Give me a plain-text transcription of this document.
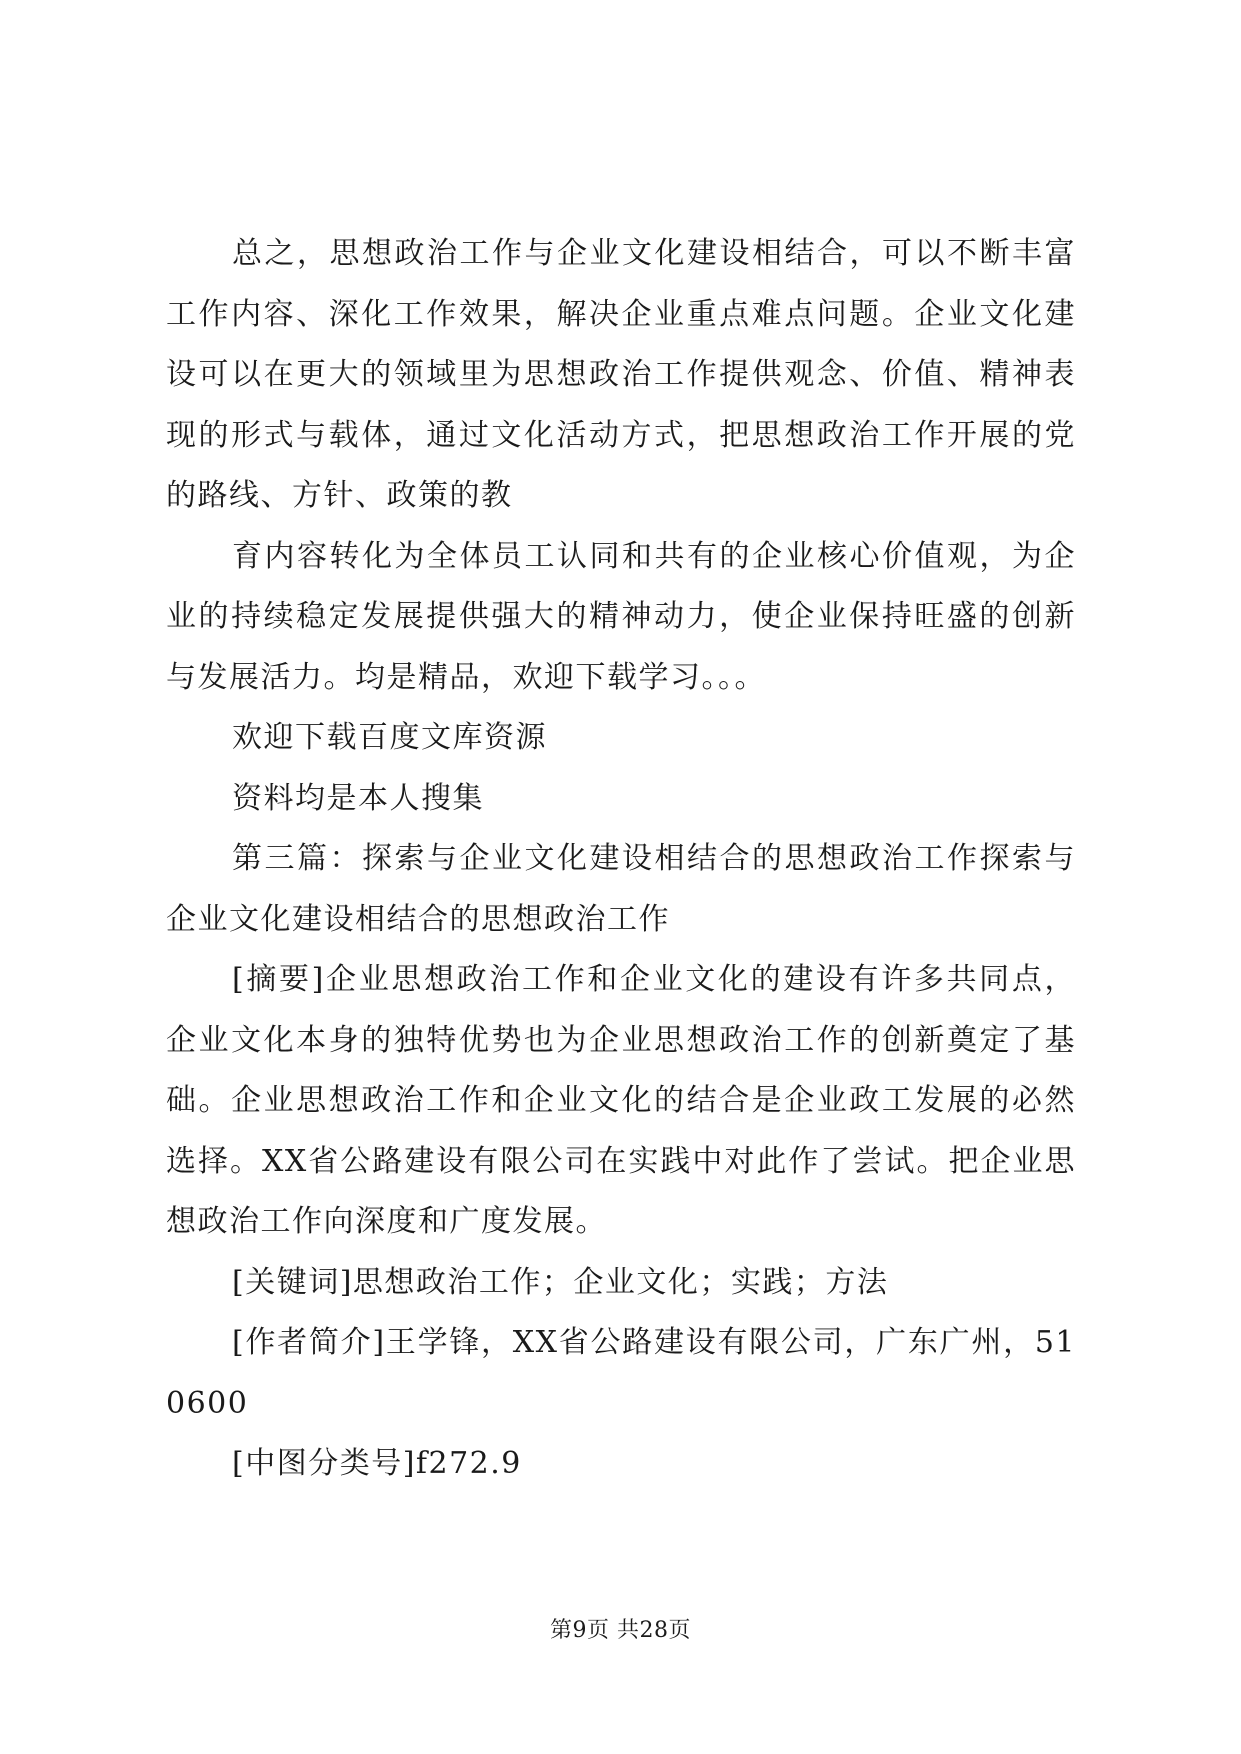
总之，思想政治工作与企业文化建设相结合，可以不断丰富工作内容、深化工作效果，解决企业重点难点问题。企业文化建设可以在更大的领域里为思想政治工作提供观念、价值、精神表现的形式与载体，通过文化活动方式，把思想政治工作开展的党的路线、方针、政策的教

育内容转化为全体员工认同和共有的企业核心价值观，为企业的持续稳定发展提供强大的精神动力，使企业保持旺盛的创新与发展活力。均是精品，欢迎下载学习。。。

欢迎下载百度文库资源

资料均是本人搜集

第三篇：探索与企业文化建设相结合的思想政治工作探索与企业文化建设相结合的思想政治工作

[摘要]企业思想政治工作和企业文化的建设有许多共同点，企业文化本身的独特优势也为企业思想政治工作的创新奠定了基础。企业思想政治工作和企业文化的结合是企业政工发展的必然选择。XX省公路建设有限公司在实践中对此作了尝试。把企业思想政治工作向深度和广度发展。

[关键词]思想政治工作；企业文化；实践；方法

[作者简介]王学锋，XX省公路建设有限公司，广东广州，510600

[中图分类号]f272.9

第9页 共28页
